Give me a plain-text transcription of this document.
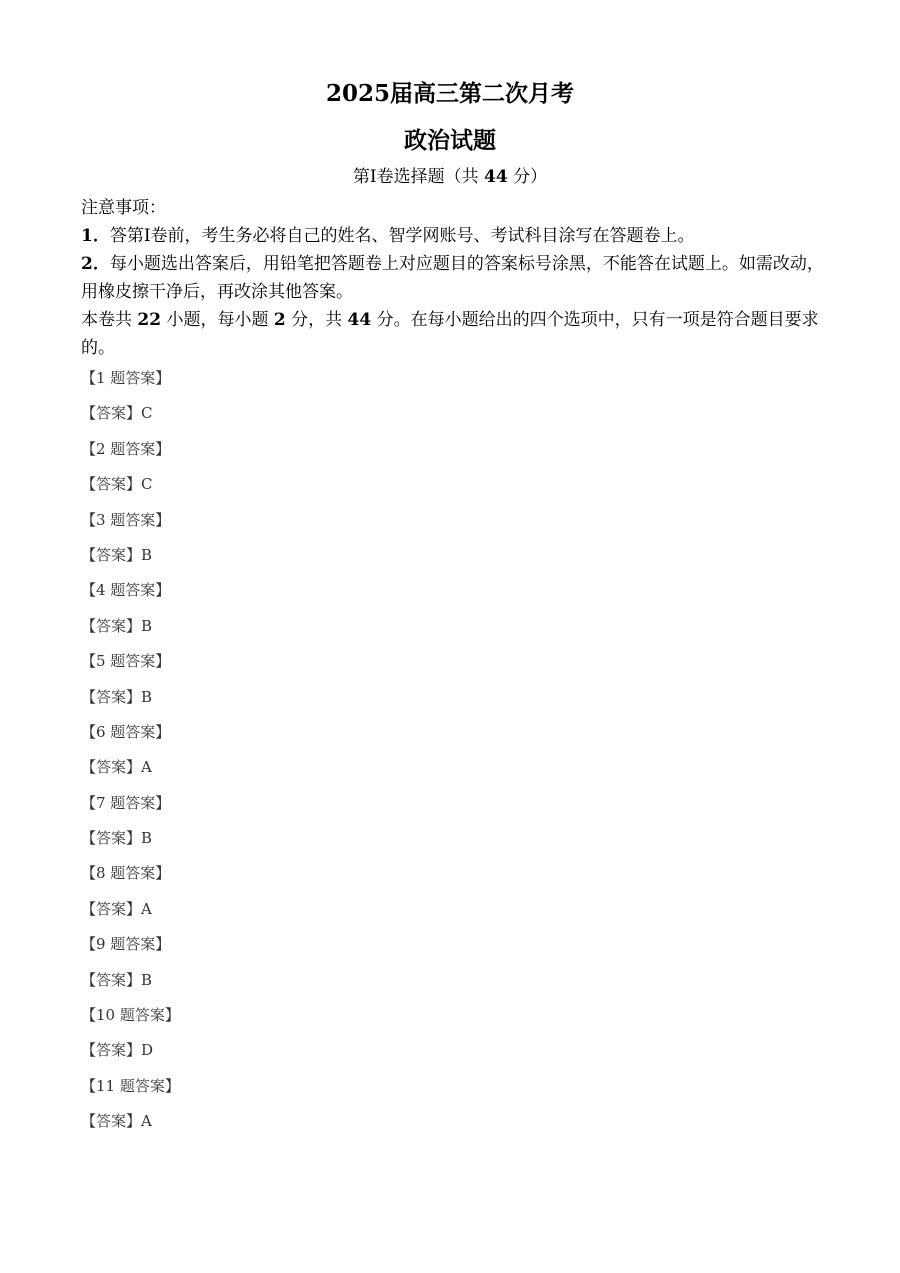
2025届高三第二次月考
政治试题
第Ⅰ卷选择题（共 44 分）

注意事项：

1．答第Ⅰ卷前，考生务必将自己的姓名、智学网账号、考试科目涂写在答题卷上。

2．每小题选出答案后，用铅笔把答题卷上对应题目的答案标号涂黑，不能答在试题上。如需改动，用橡皮擦干净后，再改涂其他答案。

本卷共 22 小题，每小题 2 分，共 44 分。在每小题给出的四个选项中，只有一项是符合题目要求的。

【1 题答案】
【答案】C
【2 题答案】
【答案】C
【3 题答案】
【答案】B
【4 题答案】
【答案】B
【5 题答案】
【答案】B
【6 题答案】
【答案】A
【7 题答案】
【答案】B
【8 题答案】
【答案】A
【9 题答案】
【答案】B
【10 题答案】
【答案】D
【11 题答案】
【答案】A
